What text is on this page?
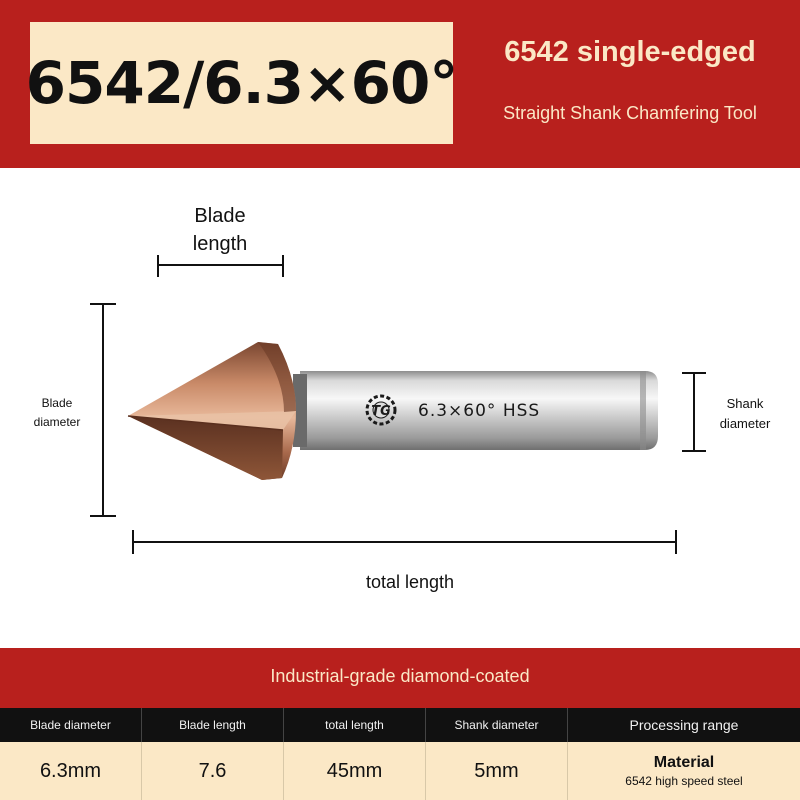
6542/6.3×60°	6542 single-edged
Straight Shank Chamfering Tool
TG 6.3×60° HSS
Blade
length
Blade
diameter
Shank
diameter
total length
Industrial-grade diamond-coated
Blade diameter	Blade length	total length	Shank diameter	Processing range
6.3mm	7.6	45mm	5mm	Material
6542 high speed steel
